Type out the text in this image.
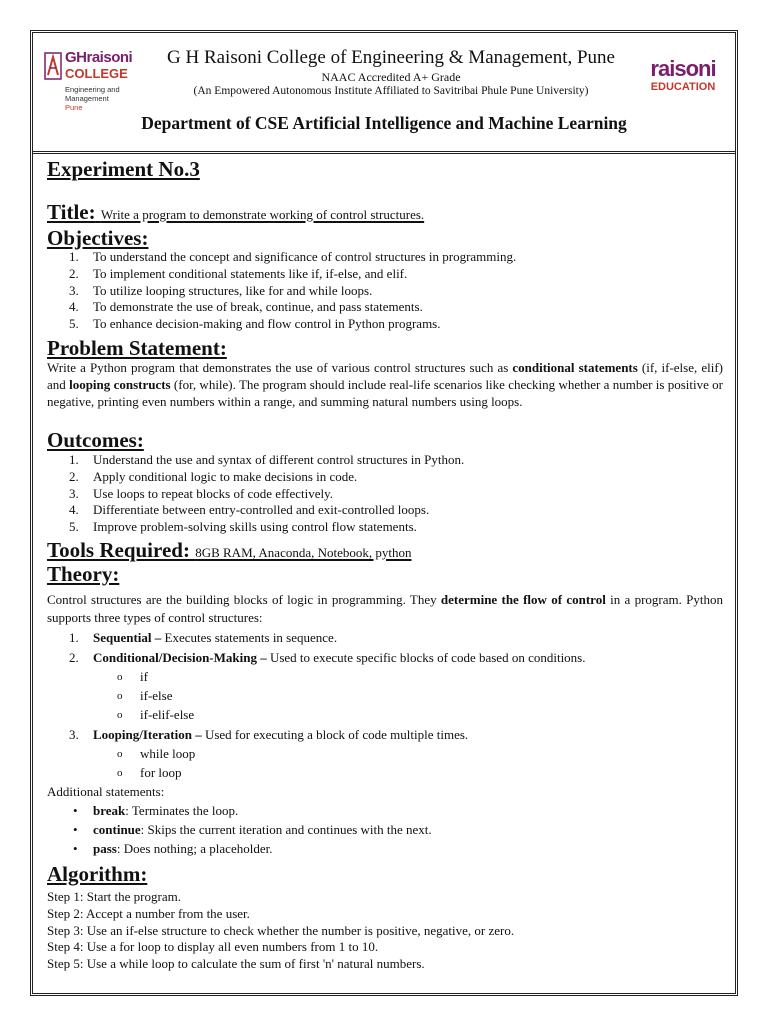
GHraisoni
COLLEGE
Engineering and
Management
Pune
G H Raisoni College of Engineering & Management, Pune
NAAC Accredited A+ Grade
(An Empowered Autonomous Institute Affiliated to Savitribai Phule Pune University)
raisoni
EDUCATION
Department of CSE Artificial Intelligence and Machine Learning
Experiment No.3
Title: Write a program to demonstrate working of control structures.
Objectives:
1. To understand the concept and significance of control structures in programming.
2. To implement conditional statements like if, if-else, and elif.
3. To utilize looping structures, like for and while loops.
4. To demonstrate the use of break, continue, and pass statements.
5. To enhance decision-making and flow control in Python programs.
Problem Statement:
Write a Python program that demonstrates the use of various control structures such as conditional statements (if, if-else, elif) and looping constructs (for, while). The program should include real-life scenarios like checking whether a number is positive or negative, printing even numbers within a range, and summing natural numbers using loops.
Outcomes:
1. Understand the use and syntax of different control structures in Python.
2. Apply conditional logic to make decisions in code.
3. Use loops to repeat blocks of code effectively.
4. Differentiate between entry-controlled and exit-controlled loops.
5. Improve problem-solving skills using control flow statements.
Tools Required: 8GB RAM, Anaconda, Notebook, python
Theory:
Control structures are the building blocks of logic in programming. They determine the flow of control in a program. Python supports three types of control structures:
1. Sequential – Executes statements in sequence.
2. Conditional/Decision-Making – Used to execute specific blocks of code based on conditions.
o if
o if-else
o if-elif-else
3. Looping/Iteration – Used for executing a block of code multiple times.
o while loop
o for loop
Additional statements:
• break: Terminates the loop.
• continue: Skips the current iteration and continues with the next.
• pass: Does nothing; a placeholder.
Algorithm:
Step 1: Start the program.
Step 2: Accept a number from the user.
Step 3: Use an if-else structure to check whether the number is positive, negative, or zero.
Step 4: Use a for loop to display all even numbers from 1 to 10.
Step 5: Use a while loop to calculate the sum of first 'n' natural numbers.
